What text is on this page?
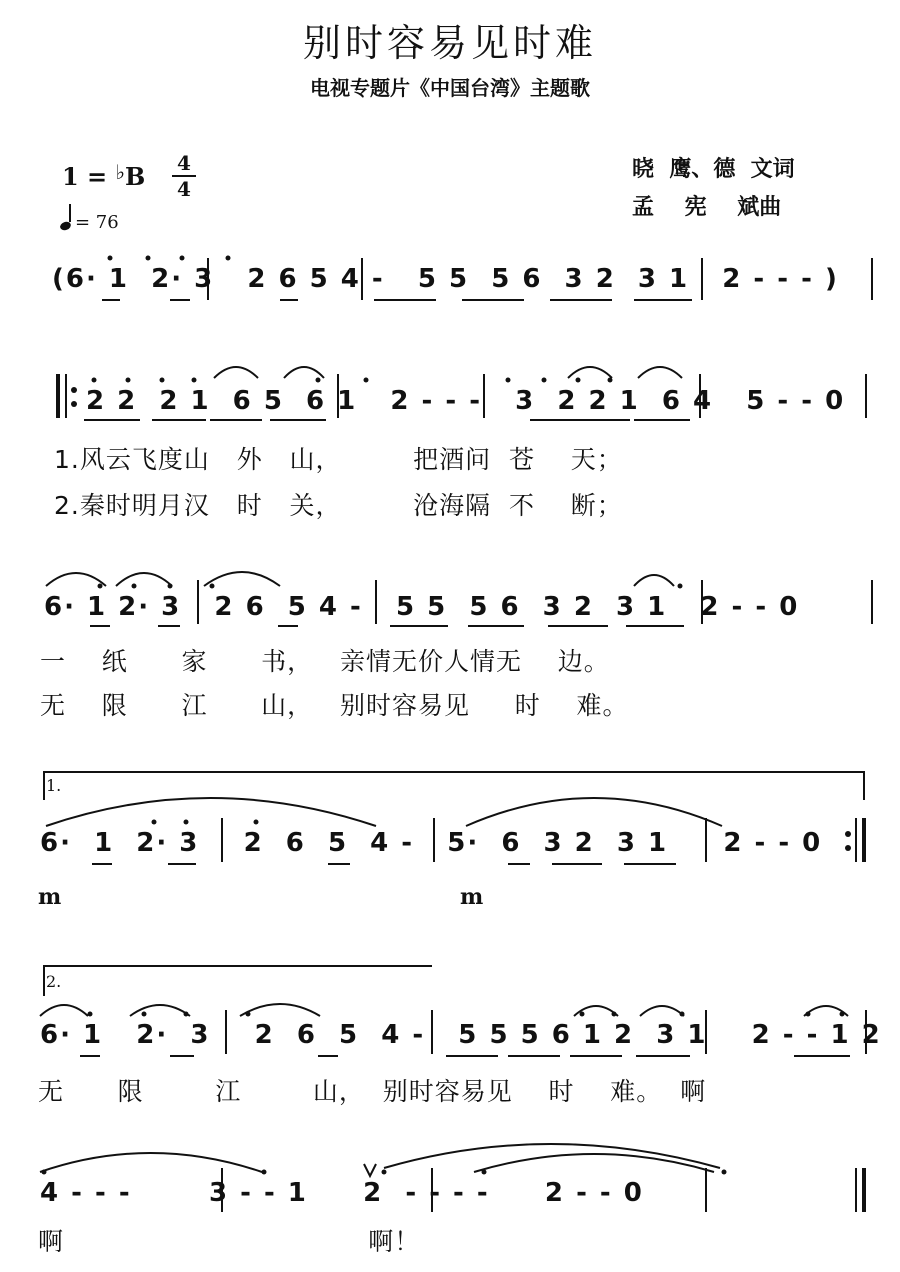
别时容易见时难
电视专题片《中国台湾》主题歌
1 = ♭B 4
4
= 76
晓  鹰、德  文词
孟    宪    斌曲
(6· 1  2· 3   2 6 5 4 -   5 5  5 6  3 2  3 1   2 - - - )
2 2  2 1  6 5  6 1   2 - - -   3  2 2 1  6 4   5 - - 0
1.风云飞度山   外   山，        把酒问  苍    天；
2.秦时明月汉   时   关，        沧海隔  不    断；
6· 1 2· 3   2 6  5 4 -   5 5  5 6  3 2  3 1   2 - - 0
一    纸      家      书，   亲情无价人情无    边。
无    限      江      山，   别时容易见     时    难。
1.
6·  1  2· 3    2  6  5  4 -   5·  6  3 2  3 1     2 - - 0
m	m
2.
6· 1   2·  3    2  6  5  4 -   5 5 5 6 1 2  3 1    2 - - 1 2
无      限        江        山，  别时容易见    时    难。  啊
4 - - -       3 - - 1     2  - - - -     2 - - 0
啊                                  啊！
